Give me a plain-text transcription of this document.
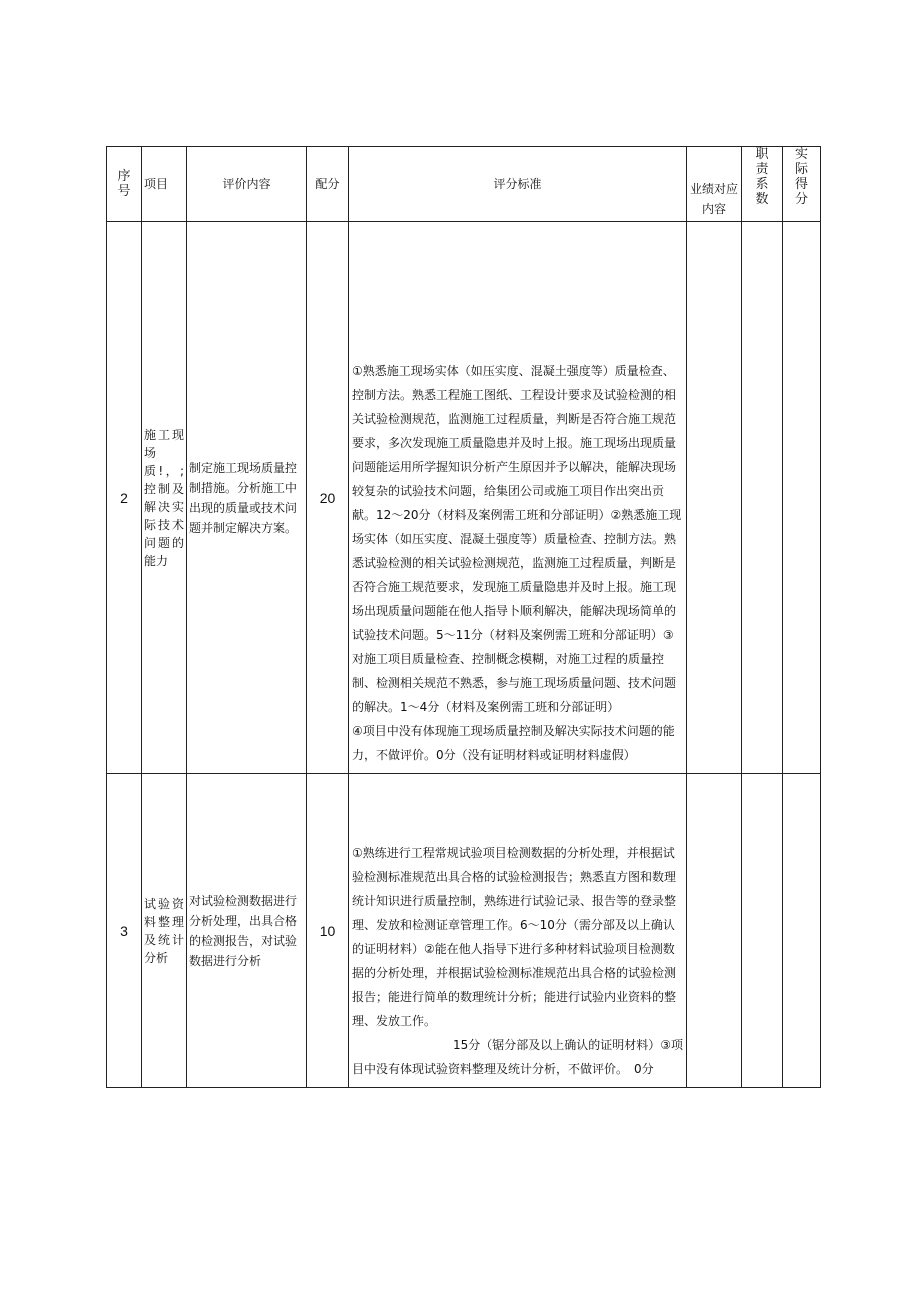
序号	项目	评价内容	配分	评分标准	业绩对应内容	职责系数	实际得分
2	施工现场质!，;控制及解决实际技术问题的能力	制定施工现场质量控制措施。分析施工中出现的质量或技术问题并制定解决方案。	20	①熟悉施工现场实体（如压实度、混凝土强度等）质量检查、控制方法。熟悉工程施工图纸、工程设计要求及试验检测的相关试验检测规范，监测施工过程质量，判断是否符合施工规范要求，多次发现施工质量隐患并及时上报。施工现场出现质量问题能运用所学握知识分析产生原因并予以解决，能解决现场较复杂的试验技术问题，给集团公司或施工项目作出突出贡献。12～20分（材料及案例需工班和分部证明）②熟悉施工现场实体（如压实度、混凝土强度等）质量检查、控制方法。熟悉试验检测的相关试验检测规范，监测施工过程质量，判断是否符合施工规范要求，发现施工质量隐患并及时上报。施工现场出现质量问题能在他人指导卜顺利解决，能解决现场简单的试验技术问题。5～11分（材料及案例需工班和分部证明）③对施工项目质量检查、控制概念模糊，对施工过程的质量控制、检测相关规范不熟悉，参与施工现场质量问题、技术问题的解决。1～4分（材料及案例需工班和分部证明）

④项目中没有体现施工现场质量控制及解决实际技术问题的能力，不做评价。0分（没有证明材料或证明材料虚假）			

3	试验资料整理及统计分析	对试验检测数据进行分析处理，出具合格的检测报告，对试验数据进行分析	10	①熟练进行工程常规试验项目检测数据的分析处理，并根据试验检测标准规范出具合格的试验检测报告；熟悉直方图和数理统计知识进行质量控制，熟练进行试验记录、报告等的登录整理、发放和检测证章管理工作。6～10分（需分部及以上确认的证明材料）②能在他人指导下进行多种材料试验项目检测数据的分析处理，并根据试验检测标准规范出具合格的试验检测报告；能进行简单的数理统计分析；能进行试验内业资料的整理、发放工作。

15分（锯分部及以上确认的证明材料）③项

目中没有体现试验资料整理及统计分析，不做评价。　0分			
